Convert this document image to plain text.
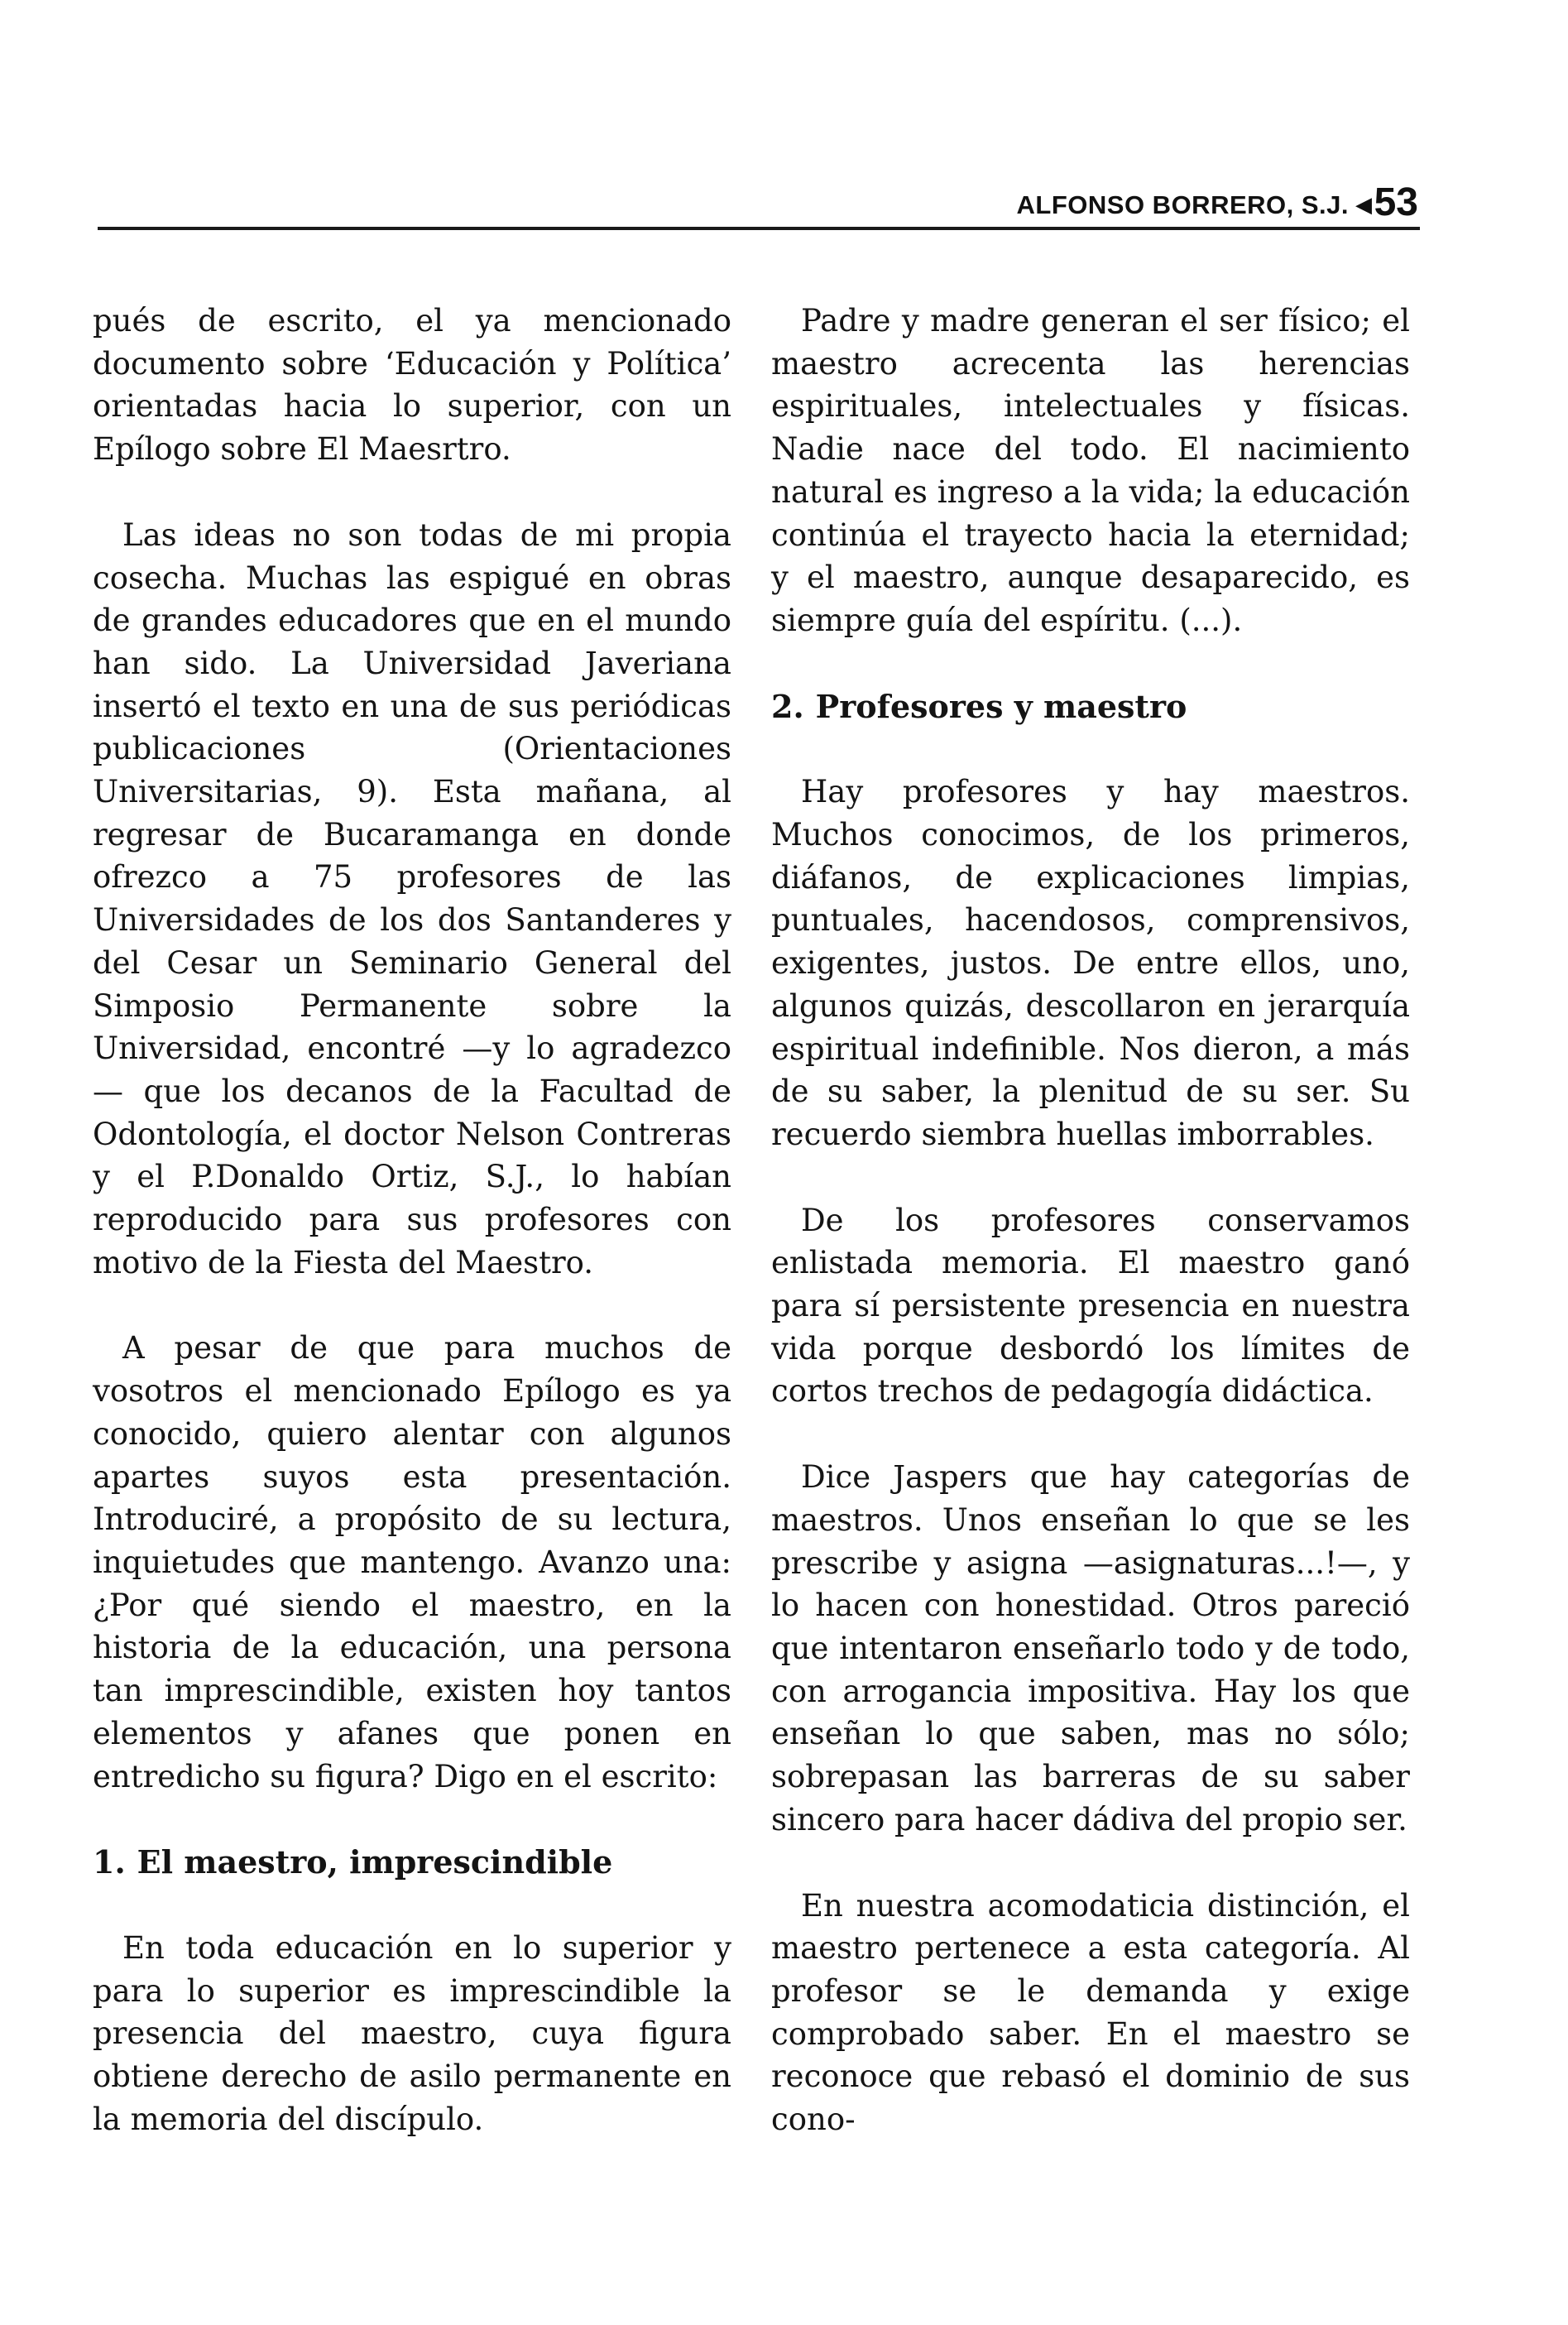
ALFONSO BORRERO, S.J. ◀ 53

pués de escrito, el ya mencionado documento sobre ‘Educación y Política’ orientadas hacia lo superior, con un Epílogo sobre El Maesrtro.

Las ideas no son todas de mi propia cosecha. Muchas las espigué en obras de grandes educadores que en el mundo han sido. La Universidad Javeriana insertó el texto en una de sus periódicas publicaciones (Orientaciones Universitarias, 9). Esta mañana, al regresar de Bucaramanga en donde ofrezco a 75 profesores de las Universidades de los dos Santanderes y del Cesar un Seminario General del Simposio Permanente sobre la Universidad, encontré —y lo agradezco— que los decanos de la Facultad de Odontología, el doctor Nelson Contreras y el P.Donaldo Ortiz, S.J., lo habían reproducido para sus profesores con motivo de la Fiesta del Maestro.

A pesar de que para muchos de vosotros el mencionado Epílogo es ya conocido, quiero alentar con algunos apartes suyos esta presentación. Introduciré, a propósito de su lectura, inquietudes que mantengo. Avanzo una: ¿Por qué siendo el maestro, en la historia de la educación, una persona tan imprescindible, existen hoy tantos elementos y afanes que ponen en entredicho su figura? Digo en el escrito:

1. El maestro, imprescindible

En toda educación en lo superior y para lo superior es imprescindible la presencia del maestro, cuya figura obtiene derecho de asilo permanente en la memoria del discípulo.

Padre y madre generan el ser físico; el maestro acrecenta las herencias espirituales, intelectuales y físicas. Nadie nace del todo. El nacimiento natural es ingreso a la vida; la educación continúa el trayecto hacia la eternidad; y el maestro, aunque desaparecido, es siempre guía del espíritu. (...).

2. Profesores y maestro

Hay profesores y hay maestros. Muchos conocimos, de los primeros, diáfanos, de explicaciones limpias, puntuales, hacendosos, comprensivos, exigentes, justos. De entre ellos, uno, algunos quizás, descollaron en jerarquía espiritual indefinible. Nos dieron, a más de su saber, la plenitud de su ser. Su recuerdo siembra huellas imborrables.

De los profesores conservamos enlistada memoria. El maestro ganó para sí persistente presencia en nuestra vida porque desbordó los límites de cortos trechos de pedagogía didáctica.

Dice Jaspers que hay categorías de maestros. Unos enseñan lo que se les prescribe y asigna —asignaturas...!—, y lo hacen con honestidad. Otros pareció que intentaron enseñarlo todo y de todo, con arrogancia impositiva. Hay los que enseñan lo que saben, mas no sólo; sobrepasan las barreras de su saber sincero para hacer dádiva del propio ser.

En nuestra acomodaticia distinción, el maestro pertenece a esta categoría. Al profesor se le demanda y exige comprobado saber. En el maestro se reconoce que rebasó el dominio de sus cono-
